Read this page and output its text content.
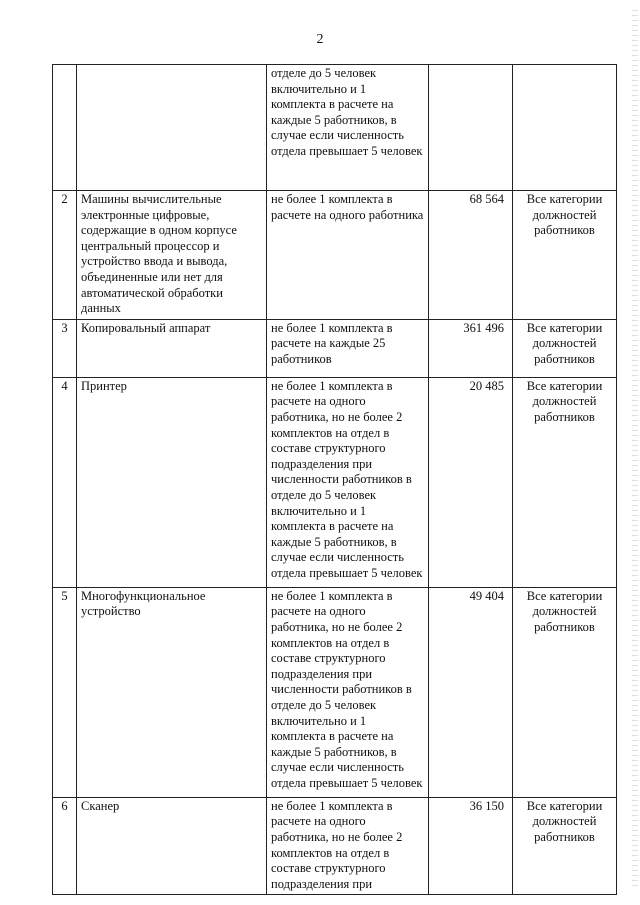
2
		отделе до 5 человек включительно и 1 комплекта в расчете на каждые 5 работников, в случае если численность отдела превышает 5 человек		
2	Машины вычислительные электронные цифровые, содержащие в одном корпусе центральный процессор и устройство ввода и вывода, объединенные или нет для автоматической обработки данных	не более 1 комплекта в расчете на одного работника	68 564	Все категории должностей работников
3	Копировальный аппарат	не более 1 комплекта в расчете на каждые 25 работников	361 496	Все категории должностей работников
4	Принтер	не более 1 комплекта в расчете на одного работника, но не более 2 комплектов на отдел в составе структурного подразделения при численности работников в отделе до 5 человек включительно и 1 комплекта в расчете на каждые 5 работников, в случае если численность отдела превышает 5 человек	20 485	Все категории должностей работников
5	Многофункциональное устройство	не более 1 комплекта в расчете на одного работника, но не более 2 комплектов на отдел в составе структурного подразделения при численности работников в отделе до 5 человек включительно и 1 комплекта в расчете на каждые 5 работников, в случае если численность отдела превышает 5 человек	49 404	Все категории должностей работников
6	Сканер	не более 1 комплекта в расчете на одного работника, но не более 2 комплектов на отдел в составе структурного подразделения при	36 150	Все категории должностей работников
